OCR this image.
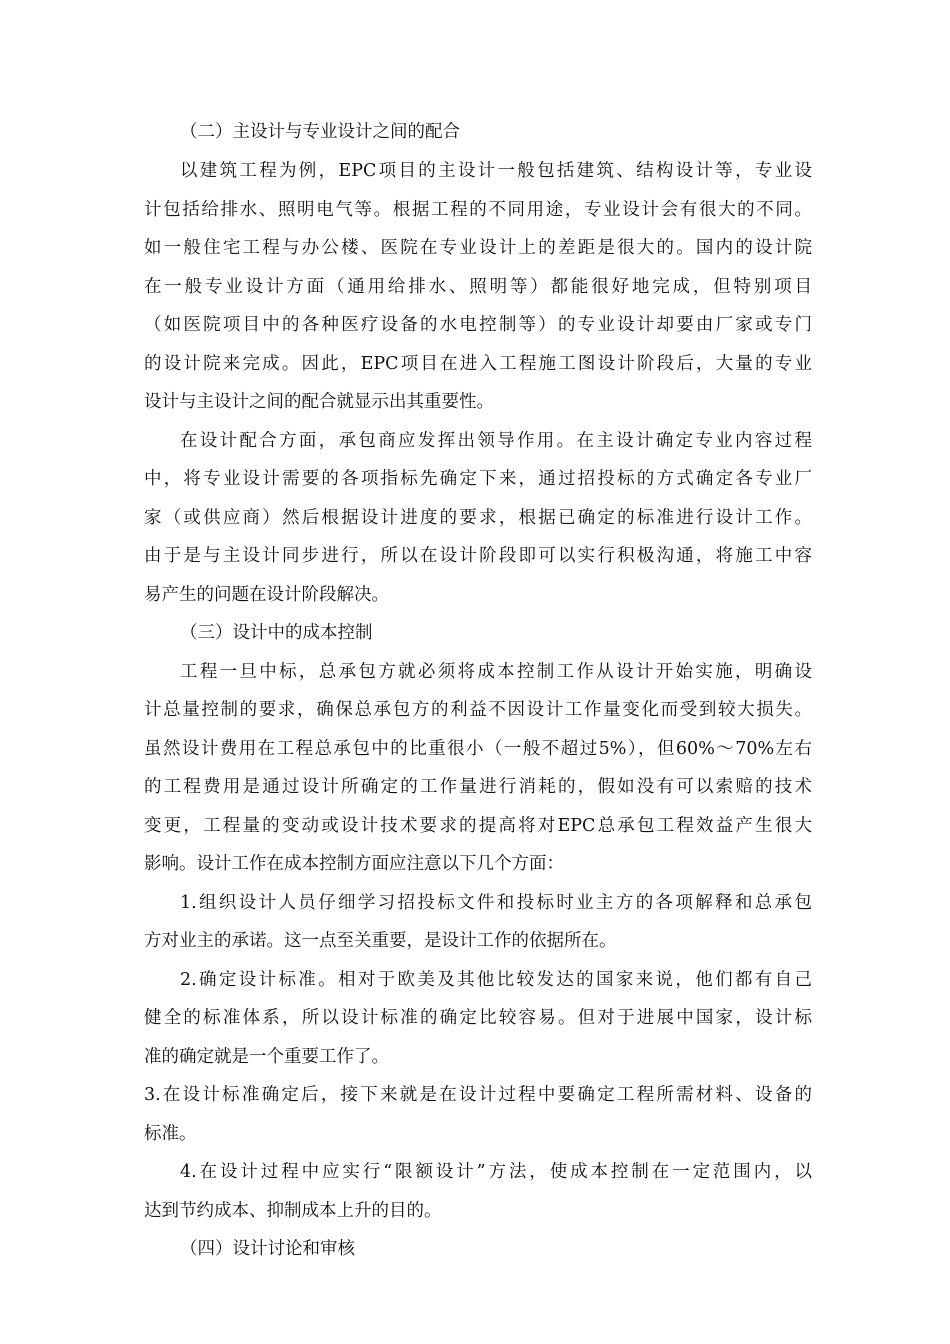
（二）主设计与专业设计之间的配合
以建筑工程为例，EPC项目的主设计一般包括建筑、结构设计等，专业设
计包括给排水、照明电气等。根据工程的不同用途，专业设计会有很大的不同。
如一般住宅工程与办公楼、医院在专业设计上的差距是很大的。国内的设计院
在一般专业设计方面（通用给排水、照明等）都能很好地完成，但特别项目
（如医院项目中的各种医疗设备的水电控制等）的专业设计却要由厂家或专门
的设计院来完成。因此，EPC项目在进入工程施工图设计阶段后，大量的专业
设计与主设计之间的配合就显示出其重要性。
在设计配合方面，承包商应发挥出领导作用。在主设计确定专业内容过程
中，将专业设计需要的各项指标先确定下来，通过招投标的方式确定各专业厂
家（或供应商）然后根据设计进度的要求，根据已确定的标准进行设计工作。
由于是与主设计同步进行，所以在设计阶段即可以实行积极沟通，将施工中容
易产生的问题在设计阶段解决。
（三）设计中的成本控制
工程一旦中标，总承包方就必须将成本控制工作从设计开始实施，明确设
计总量控制的要求，确保总承包方的利益不因设计工作量变化而受到较大损失。
虽然设计费用在工程总承包中的比重很小（一般不超过5%），但60%～70%左右
的工程费用是通过设计所确定的工作量进行消耗的，假如没有可以索赔的技术
变更，工程量的变动或设计技术要求的提高将对EPC总承包工程效益产生很大
影响。设计工作在成本控制方面应注意以下几个方面：
1.组织设计人员仔细学习招投标文件和投标时业主方的各项解释和总承包
方对业主的承诺。这一点至关重要，是设计工作的依据所在。
2.确定设计标准。相对于欧美及其他比较发达的国家来说，他们都有自己
健全的标准体系，所以设计标准的确定比较容易。但对于进展中国家，设计标
准的确定就是一个重要工作了。
3.在设计标准确定后，接下来就是在设计过程中要确定工程所需材料、设备的
标准。
4.在设计过程中应实行“限额设计”方法，使成本控制在一定范围内，以
达到节约成本、抑制成本上升的目的。
（四）设计讨论和审核
